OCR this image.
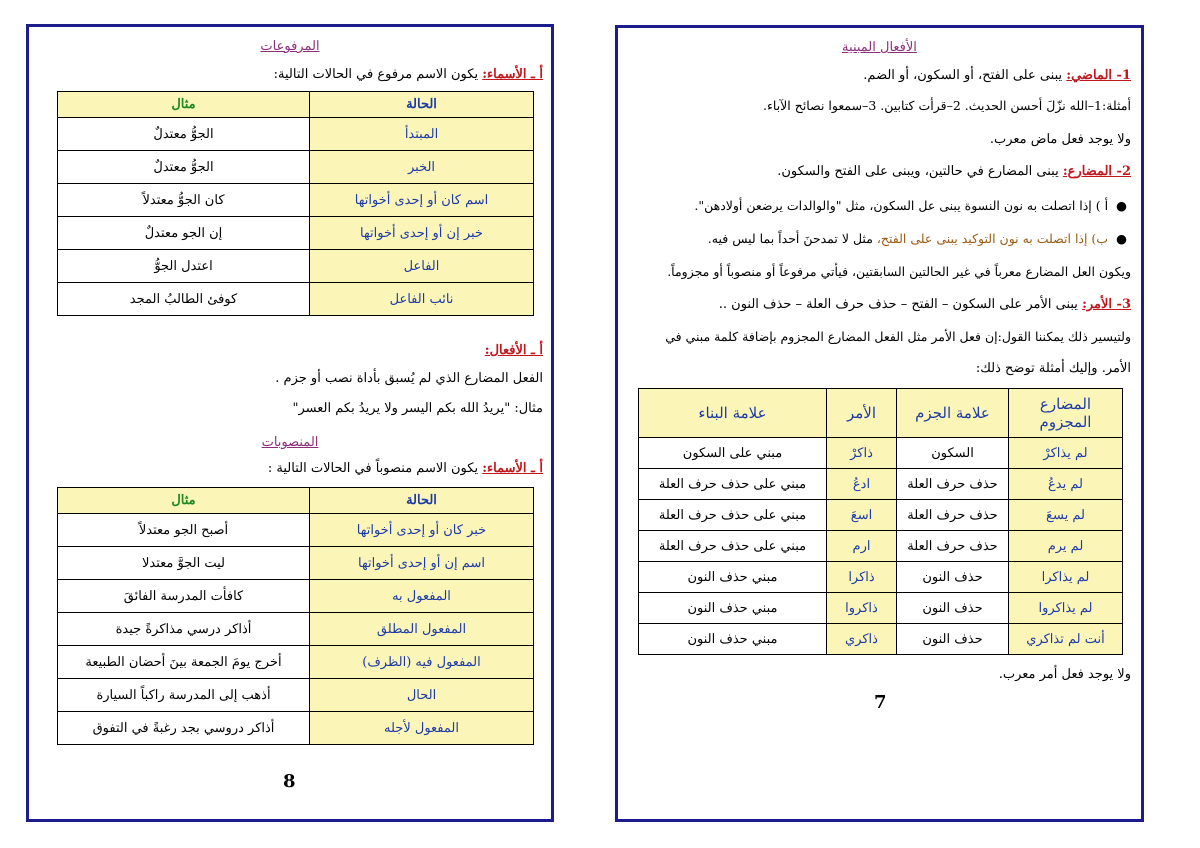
المرفوعات
أ ـ الأسماء: يكون الاسم مرفوع في الحالات التالية:
الحالة	مثال
المبتدأ	الجوُّ معتدلٌ
الخبر	الجوُّ معتدلٌ
اسم كان أو إحدى أخواتها	كان الجوُّ معتدلاً
خبر إن أو إحدى أخواتها	إن الجو معتدلٌ
الفاعل	اعتدل الجوُّ
نائب الفاعل	كوفئ الطالبُ المجد
أ ـ الأفعال:
الفعل المضارع الذي لم يُسبق بأداة نصب أو جزم .
مثال: "يريدُ الله بكم اليسر ولا يريدُ بكم العسر"
المنصوبات
أ ـ الأسماء: يكون الاسم منصوباً في الحالات التالية :
الحالة	مثال
خبر كان أو إحدى أخواتها	أصبح الجو معتدلاً
اسم إن أو إحدى أخواتها	ليت الجوَّ معتدلا
المفعول به	كافأت المدرسة الفائقَ
المفعول المطلق	أذاكر درسي مذاكرةً جيدة
المفعول فيه (الظرف)	أخرج يومَ الجمعة بينَ أحضان الطبيعة
الحال	أذهب إلى المدرسة راكباً السيارة
المفعول لأجله	أذاكر دروسي بجد رغبةً في التفوق
8
الأفعال المبنية
1- الماضي: يبنى على الفتح، أو السكون، أو الضم.
أمثلة:1–الله نزّلَ أحسن الحديث. 2–قرأت كتابين. 3–سمعوا نصائح الآباء.
ولا يوجد فعل ماض معرب.
2- المضارع: يبنى المضارع في حالتين، ويبنى على الفتح والسكون.
●أ ) إذا اتصلت به نون النسوة يبنى عل السكون، مثل "والوالدات يرضعن أولادهن".
●ب) إذا اتصلت به نون التوكيد يبنى على الفتح، مثل لا تمدحنَ أحداً بما ليس فيه.
ويكون العل المضارع معرباً في غير الحالتين السابقتين، فيأتي مرفوعاً أو منصوباً أو مجزوماً.
3- الأمر: يبنى الأمر على السكون – الفتح – حذف حرف العلة – حذف النون ..
ولتيسير ذلك يمكننا القول:إن فعل الأمر مثل الفعل المضارع المجزوم بإضافة كلمة مبني في
الأمر. وإليك أمثلة توضح ذلك:
المضارع المجزوم	علامة الجزم	الأمر	علامة البناء
لم يذاكرْ	السكون	ذاكرْ	مبني على السكون
لم يدعُ	حذف حرف العلة	ادعُ	مبني على حذف حرف العلة
لم يسعَ	حذف حرف العلة	اسعَ	مبني على حذف حرف العلة
لم يرم	حذف حرف العلة	ارم	مبني على حذف حرف العلة
لم يذاكرا	حذف النون	ذاكرا	مبني حذف النون
لم يذاكروا	حذف النون	ذاكروا	مبني حذف النون
أنت لم تذاكري	حذف النون	ذاكري	مبني حذف النون
ولا يوجد فعل أمر معرب.
7
